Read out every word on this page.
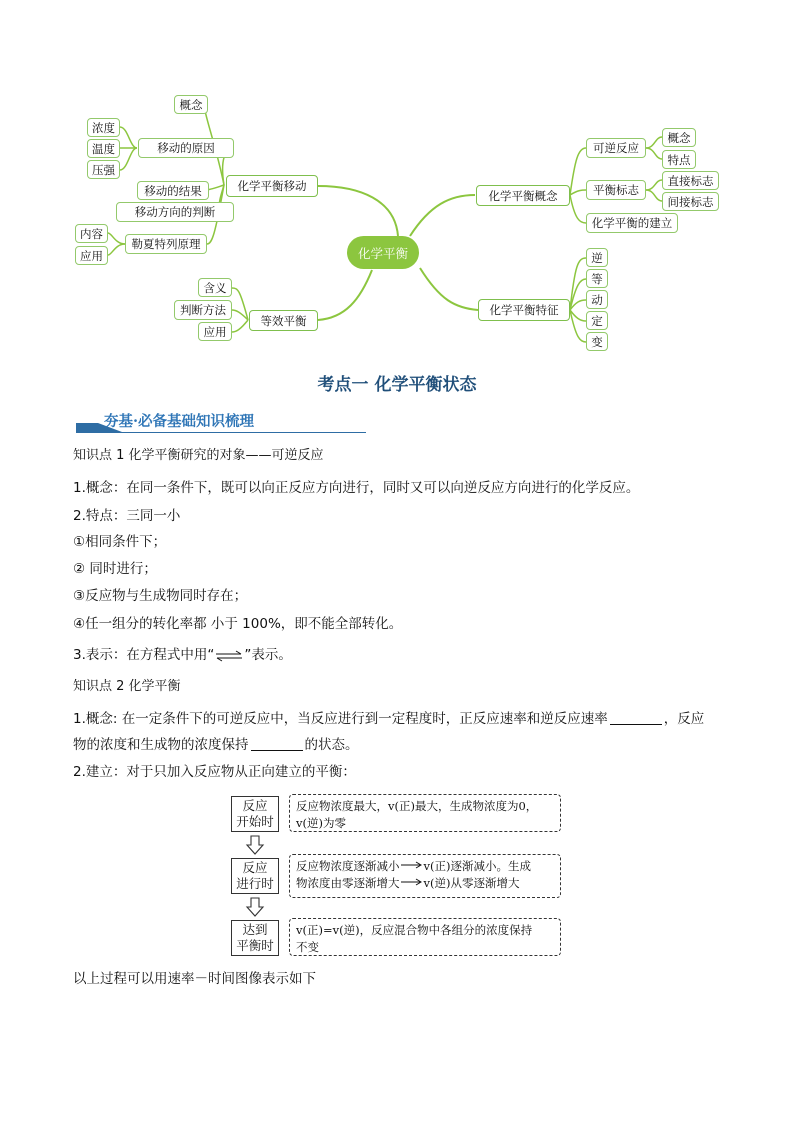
化学平衡
化学平衡移动
概念
移动的原因
浓度
温度
压强
移动的结果
移动方向的判断
勒夏特列原理
内容
应用
等效平衡
含义
判断方法
应用
化学平衡概念
可逆反应
概念
特点
平衡标志
直接标志
间接标志
化学平衡的建立
化学平衡特征
逆
等
动
定
变
考点一 化学平衡状态
夯基·必备基础知识梳理
知识点 1 化学平衡研究的对象——可逆反应
1.概念：在同一条件下，既可以向正反应方向进行，同时又可以向逆反应方向进行的化学反应。
2.特点：三同一小
①相同条件下；
② 同时进行；
③反应物与生成物同时存在；
④任一组分的转化率都 小于 100%，即不能全部转化。
3.表示：在方程式中用“⇌”表示。
知识点 2 化学平衡
1.概念: 在一定条件下的可逆反应中，当反应进行到一定程度时，正反应速率和逆反应速率	，反应
物的浓度和生成物的浓度保持	的状态。
2.建立：对于只加入反应物从正向建立的平衡：
反应
开始时
反应物浓度最大，v(正)最大，生成物浓度为0，
v(逆)为零
反应
进行时
反应物浓度逐渐减小 v(正)逐渐减小。生成
物浓度由零逐渐增大 v(逆)从零逐渐增大
达到
平衡时
v(正)=v(逆)，反应混合物中各组分的浓度保持
不变
以上过程可以用速率－时间图像表示如下
